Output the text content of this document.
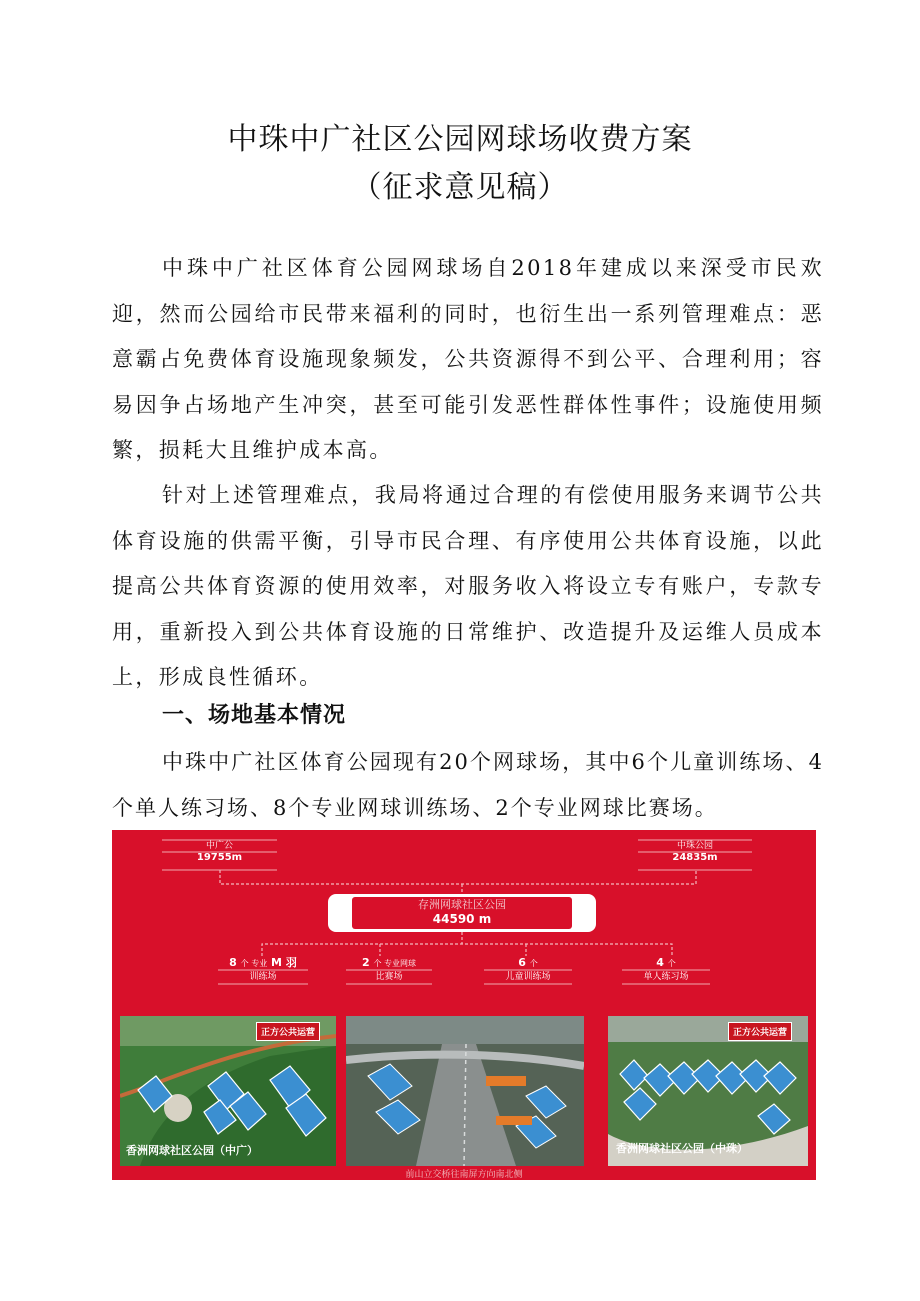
中珠中广社区公园网球场收费方案
（征求意见稿）

中珠中广社区体育公园网球场自2018年建成以来深受市民欢迎，然而公园给市民带来福利的同时，也衍生出一系列管理难点：恶意霸占免费体育设施现象频发，公共资源得不到公平、合理利用；容易因争占场地产生冲突，甚至可能引发恶性群体性事件；设施使用频繁，损耗大且维护成本高。

针对上述管理难点，我局将通过合理的有偿使用服务来调节公共体育设施的供需平衡，引导市民合理、有序使用公共体育设施，以此提高公共体育资源的使用效率，对服务收入将设立专有账户，专款专用，重新投入到公共体育设施的日常维护、改造提升及运维人员成本上，形成良性循环。

一、场地基本情况

中珠中广社区体育公园现有20个网球场，其中6个儿童训练场、4个单人练习场、8个专业网球训练场、2个专业网球比赛场。

中广公
19755m
中珠公园
24835m
存洲网球社区公园
44590 m
8 个 专业 M 羽
训练场
2 个 专业网球
比赛场
6 个
儿童训练场
4 个
单人练习场
正方公共运营
香洲网球社区公园（中广）
正方公共运营
香洲网球社区公园（中珠）
前山立交桥往南屏方向南北侧
